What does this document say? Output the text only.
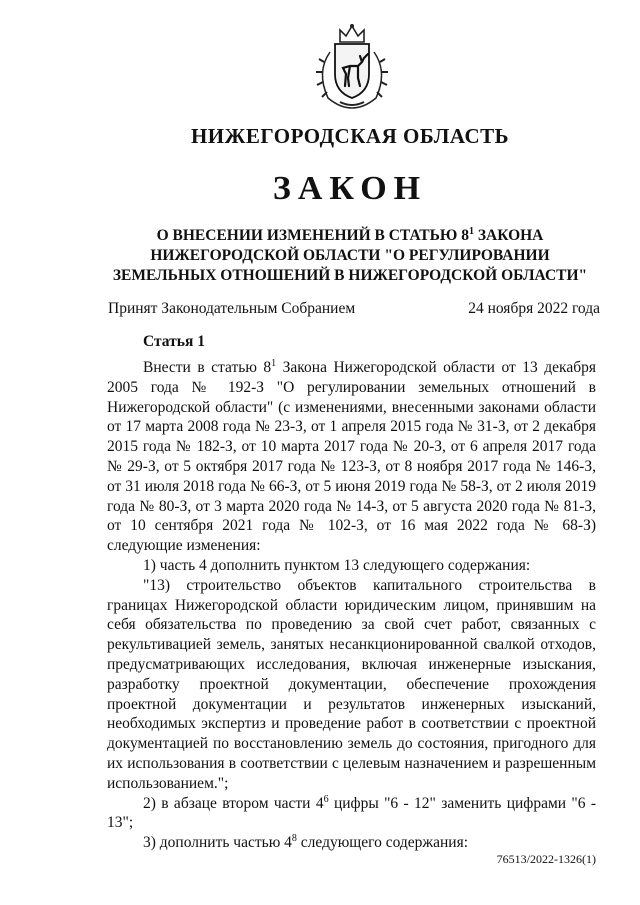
НИЖЕГОРОДСКАЯ ОБЛАСТЬ
ЗАКОН
О ВНЕСЕНИИ ИЗМЕНЕНИЙ В СТАТЬЮ $8^1$ ЗАКОНА
НИЖЕГОРОДСКОЙ ОБЛАСТИ "О РЕГУЛИРОВАНИИ
ЗЕМЕЛЬНЫХ ОТНОШЕНИЙ В НИЖЕГОРОДСКОЙ ОБЛАСТИ"
Принят Законодательным Собранием	24 ноября 2022 года
Статья 1

Внести в статью $8^1$ Закона Нижегородской области от 13 декабря 2005 года № 192-З "О регулировании земельных отношений в Нижегородской области" (с изменениями, внесенными законами области от 17 марта 2008 года № 23-З, от 1 апреля 2015 года № 31-З, от 2 декабря 2015 года № 182-З, от 10 марта 2017 года № 20-З, от 6 апреля 2017 года № 29-З, от 5 октября 2017 года № 123-З, от 8 ноября 2017 года № 146-З, от 31 июля 2018 года № 66-З, от 5 июня 2019 года № 58-З, от 2 июля 2019 года № 80-З, от 3 марта 2020 года № 14-З, от 5 августа 2020 года № 81-З, от 10 сентября 2021 года № 102-З, от 16 мая 2022 года № 68-З) следующие изменения:

1) часть 4 дополнить пунктом 13 следующего содержания:

"13) строительство объектов капитального строительства в границах Нижегородской области юридическим лицом, принявшим на себя обязательства по проведению за свой счет работ, связанных с рекультивацией земель, занятых несанкционированной свалкой отходов, предусматривающих исследования, включая инженерные изыскания, разработку проектной документации, обеспечение прохождения проектной документации и результатов инженерных изысканий, необходимых экспертиз и проведение работ в соответствии с проектной документацией по восстановлению земель до состояния, пригодного для их использования в соответствии с целевым назначением и разрешенным использованием.";

2) в абзаце втором части $4^6$ цифры "6 - 12" заменить цифрами "6 - 13";

3) дополнить частью $4^8$ следующего содержания:

76513/2022-1326(1)
